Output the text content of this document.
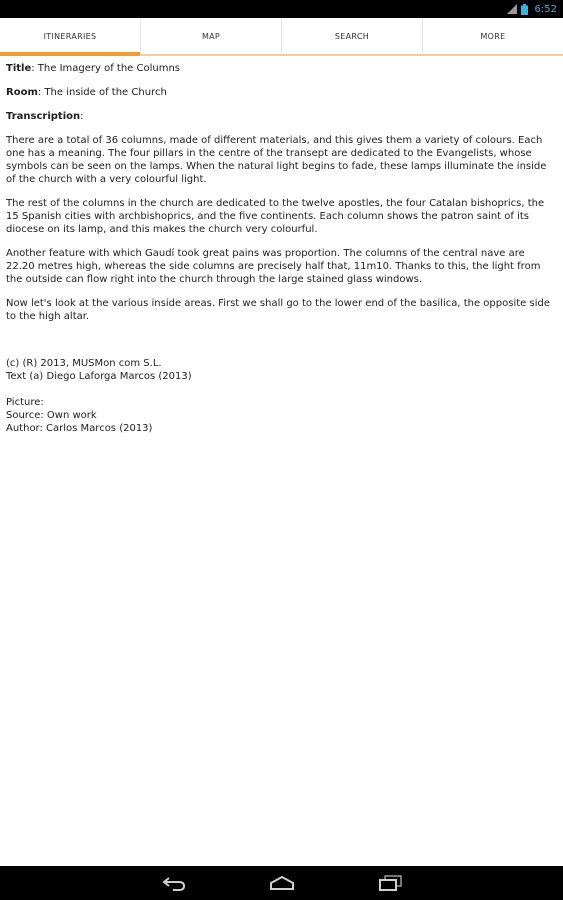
6:52
ITINERARIES	MAP	SEARCH	MORE
Title: The Imagery of the Columns
Room: The inside of the Church
Transcription:

There are a total of 36 columns, made of different materials, and this gives them a variety of colours. Each one has a meaning. The four pillars in the centre of the transept are dedicated to the Evangelists, whose symbols can be seen on the lamps. When the natural light begins to fade, these lamps illuminate the inside of the church with a very colourful light.

The rest of the columns in the church are dedicated to the twelve apostles, the four Catalan bishoprics, the 15 Spanish cities with archbishoprics, and the five continents. Each column shows the patron saint of its diocese on its lamp, and this makes the church very colourful.

Another feature with which Gaudí took great pains was proportion. The columns of the central nave are 22.20 metres high, whereas the side columns are precisely half that, 11m10. Thanks to this, the light from the outside can flow right into the church through the large stained glass windows.

Now let's look at the various inside areas. First we shall go to the lower end of the basilica, the opposite side to the high altar.

(c) (R) 2013, MUSMon com S.L.

Text (a) Diego Laforga Marcos (2013)

Picture:

Source: Own work

Author: Carlos Marcos (2013)
